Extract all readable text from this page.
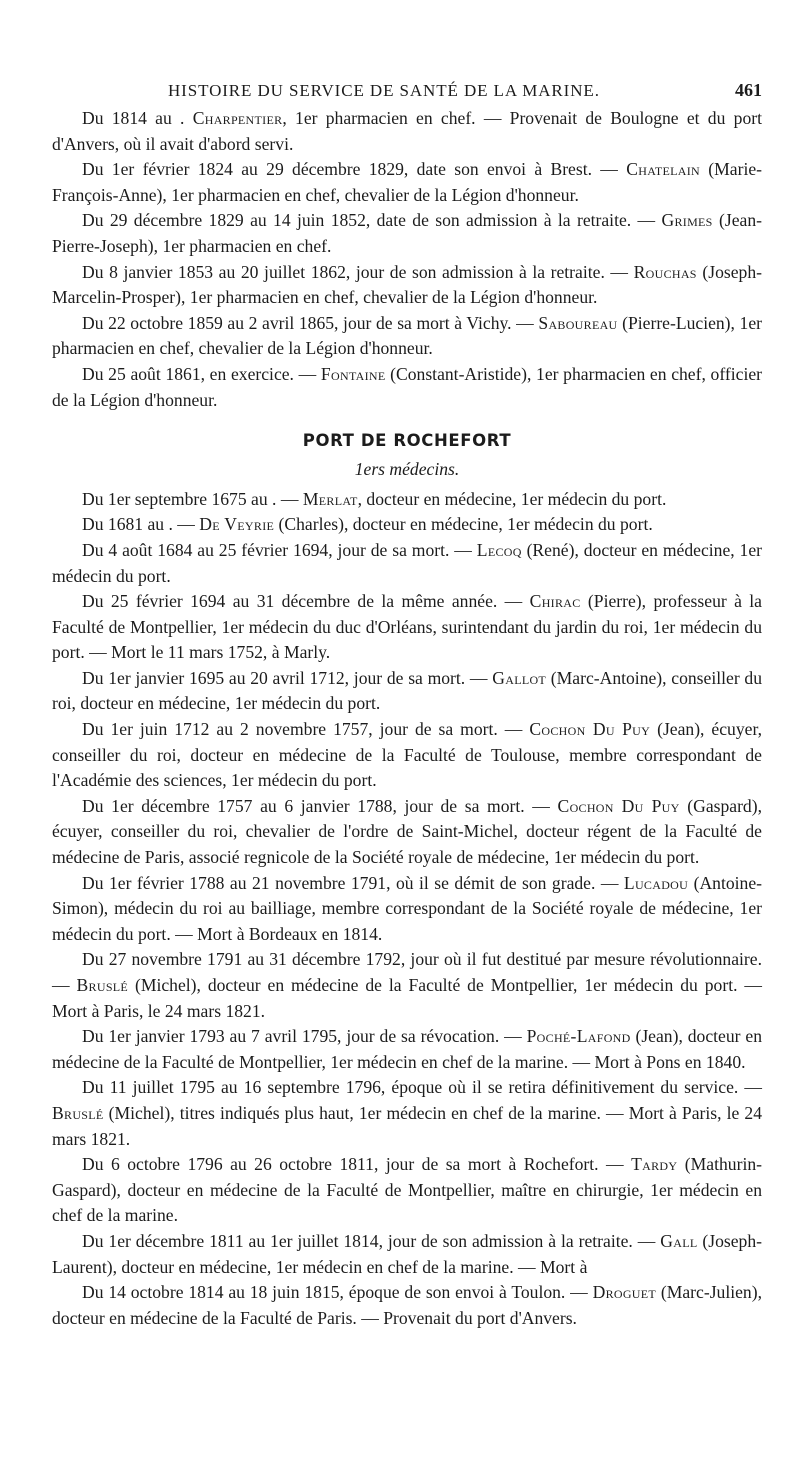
HISTOIRE DU SERVICE DE SANTÉ DE LA MARINE.	461

Du 1814 au . Charpentier, 1er pharmacien en chef. — Provenait de Boulogne et du port d'Anvers, où il avait d'abord servi.

Du 1er février 1824 au 29 décembre 1829, date son envoi à Brest. — Chatelain (Marie-François-Anne), 1er pharmacien en chef, chevalier de la Légion d'honneur.

Du 29 décembre 1829 au 14 juin 1852, date de son admission à la retraite. — Grimes (Jean-Pierre-Joseph), 1er pharmacien en chef.

Du 8 janvier 1853 au 20 juillet 1862, jour de son admission à la retraite. — Rouchas (Joseph-Marcelin-Prosper), 1er pharmacien en chef, chevalier de la Légion d'honneur.

Du 22 octobre 1859 au 2 avril 1865, jour de sa mort à Vichy. — Saboureau (Pierre-Lucien), 1er pharmacien en chef, chevalier de la Légion d'honneur.

Du 25 août 1861, en exercice. — Fontaine (Constant-Aristide), 1er pharmacien en chef, officier de la Légion d'honneur.

PORT DE ROCHEFORT
1ers médecins.

Du 1er septembre 1675 au . — Merlat, docteur en médecine, 1er médecin du port.

Du 1681 au . — De Veyrie (Charles), docteur en médecine, 1er médecin du port.

Du 4 août 1684 au 25 février 1694, jour de sa mort. — Lecoq (René), docteur en médecine, 1er médecin du port.

Du 25 février 1694 au 31 décembre de la même année. — Chirac (Pierre), professeur à la Faculté de Montpellier, 1er médecin du duc d'Orléans, surintendant du jardin du roi, 1er médecin du port. — Mort le 11 mars 1752, à Marly.

Du 1er janvier 1695 au 20 avril 1712, jour de sa mort. — Gallot (Marc-Antoine), conseiller du roi, docteur en médecine, 1er médecin du port.

Du 1er juin 1712 au 2 novembre 1757, jour de sa mort. — Cochon Du Puy (Jean), écuyer, conseiller du roi, docteur en médecine de la Faculté de Toulouse, membre correspondant de l'Académie des sciences, 1er médecin du port.

Du 1er décembre 1757 au 6 janvier 1788, jour de sa mort. — Cochon Du Puy (Gaspard), écuyer, conseiller du roi, chevalier de l'ordre de Saint-Michel, docteur régent de la Faculté de médecine de Paris, associé regnicole de la Société royale de médecine, 1er médecin du port.

Du 1er février 1788 au 21 novembre 1791, où il se démit de son grade. — Lucadou (Antoine-Simon), médecin du roi au bailliage, membre correspondant de la Société royale de médecine, 1er médecin du port. — Mort à Bordeaux en 1814.

Du 27 novembre 1791 au 31 décembre 1792, jour où il fut destitué par mesure révolutionnaire. — Bruslé (Michel), docteur en médecine de la Faculté de Montpellier, 1er médecin du port. — Mort à Paris, le 24 mars 1821.

Du 1er janvier 1793 au 7 avril 1795, jour de sa révocation. — Poché-Lafond (Jean), docteur en médecine de la Faculté de Montpellier, 1er médecin en chef de la marine. — Mort à Pons en 1840.

Du 11 juillet 1795 au 16 septembre 1796, époque où il se retira définitivement du service. — Bruslé (Michel), titres indiqués plus haut, 1er médecin en chef de la marine. — Mort à Paris, le 24 mars 1821.

Du 6 octobre 1796 au 26 octobre 1811, jour de sa mort à Rochefort. — Tardy (Mathurin-Gaspard), docteur en médecine de la Faculté de Montpellier, maître en chirurgie, 1er médecin en chef de la marine.

Du 1er décembre 1811 au 1er juillet 1814, jour de son admission à la retraite. — Gall (Joseph-Laurent), docteur en médecine, 1er médecin en chef de la marine. — Mort à

Du 14 octobre 1814 au 18 juin 1815, époque de son envoi à Toulon. — Droguet (Marc-Julien), docteur en médecine de la Faculté de Paris. — Provenait du port d'Anvers.
